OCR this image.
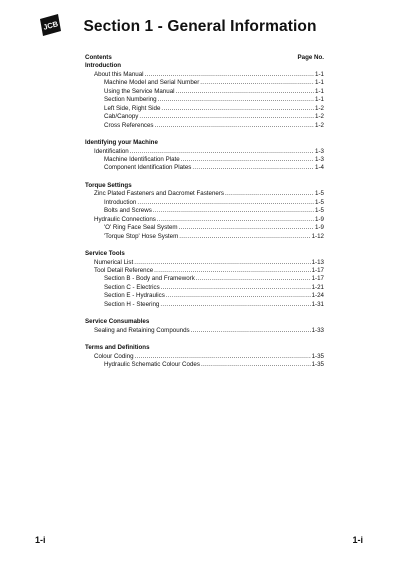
JCB	Section 1 - General Information
Contents	Page No.
Introduction
About this Manual .....	1-1
Machine Model and Serial Number .....	1-1
Using the Service Manual .....	1-1
Section Numbering .....	1-1
Left Side, Right Side .....	1-2
Cab/Canopy .....	1-2
Cross References .....	1-2
Identifying your Machine
Identification .....	1-3
Machine Identification Plate .....	1-3
Component Identification Plates .....	1-4
Torque Settings
Zinc Plated Fasteners and Dacromet Fasteners .....	1-5
Introduction .....	1-5
Bolts and Screws .....	1-5
Hydraulic Connections .....	1-9
'O' Ring Face Seal System .....	1-9
'Torque Stop' Hose System .....	1-12
Service Tools
Numerical List .....	1-13
Tool Detail Reference .....	1-17
Section B - Body and Framework .....	1-17
Section C - Electrics .....	1-21
Section E - Hydraulics .....	1-24
Section H - Steering .....	1-31
Service Consumables
Sealing and Retaining Compounds .....	1-33
Terms and Definitions
Colour Coding .....	1-35
Hydraulic Schematic Colour Codes .....	1-35
1-i	1-i
